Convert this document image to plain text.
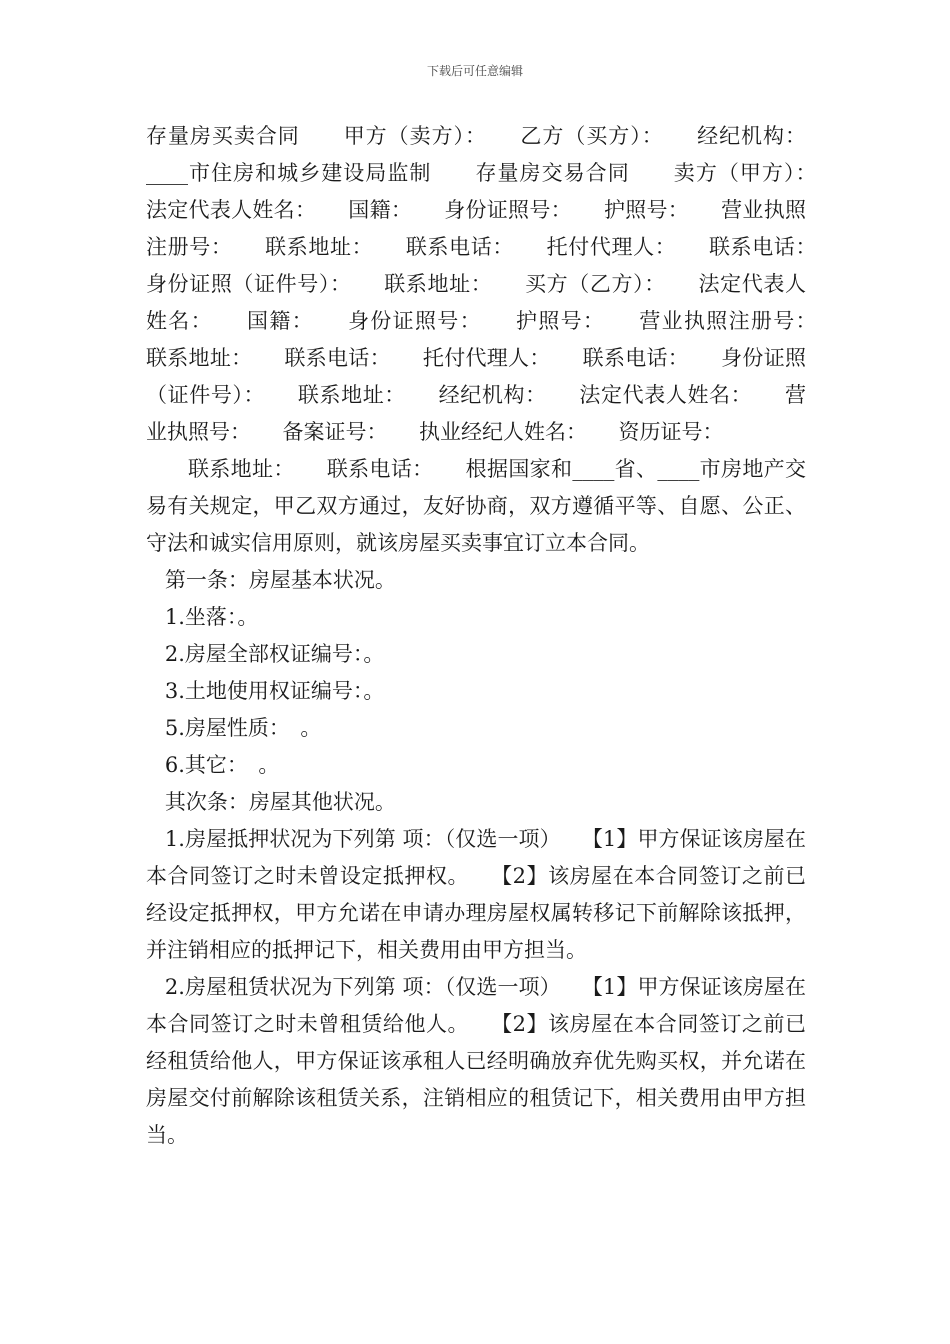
下载后可任意编辑

存量房买卖合同　　甲方（卖方）：　　乙方（买方）：　　经纪机构：____市住房和城乡建设局监制　　存量房交易合同　　卖方（甲方）：　　法定代表人姓名：　　国籍：　　身份证照号：　　护照号：　　营业执照注册号：　　联系地址：　　联系电话：　　托付代理人：　　联系电话：　　身份证照（证件号）：　　联系地址：　　买方（乙方）：　　法定代表人姓名：　　国籍：　　身份证照号：　　护照号：　　营业执照注册号：　　联系地址：　　联系电话：　　托付代理人：　　联系电话：　　身份证照（证件号）：　　联系地址：　　经纪机构：　　法定代表人姓名：　　营业执照号：　　备案证号：　　执业经纪人姓名：　　资历证号：

联系地址：　　联系电话：　　根据国家和____省、____市房地产交易有关规定，甲乙双方通过，友好协商，双方遵循平等、自愿、公正、守法和诚实信用原则，就该房屋买卖事宜订立本合同。

第一条：房屋基本状况。

1.坐落：。

2.房屋全部权证编号：。

3.土地使用权证编号：。

5.房屋性质：　。

6.其它：　。

其次条：房屋其他状况。

1.房屋抵押状况为下列第 项：（仅选一项）　　【1】甲方保证该房屋在本合同签订之时未曾设定抵押权。　　【2】该房屋在本合同签订之前已经设定抵押权，甲方允诺在申请办理房屋权属转移记下前解除该抵押，并注销相应的抵押记下，相关费用由甲方担当。

2.房屋租赁状况为下列第 项：（仅选一项）　　【1】甲方保证该房屋在本合同签订之时未曾租赁给他人。　　【2】该房屋在本合同签订之前已经租赁给他人，甲方保证该承租人已经明确放弃优先购买权，并允诺在房屋交付前解除该租赁关系，注销相应的租赁记下，相关费用由甲方担当。
